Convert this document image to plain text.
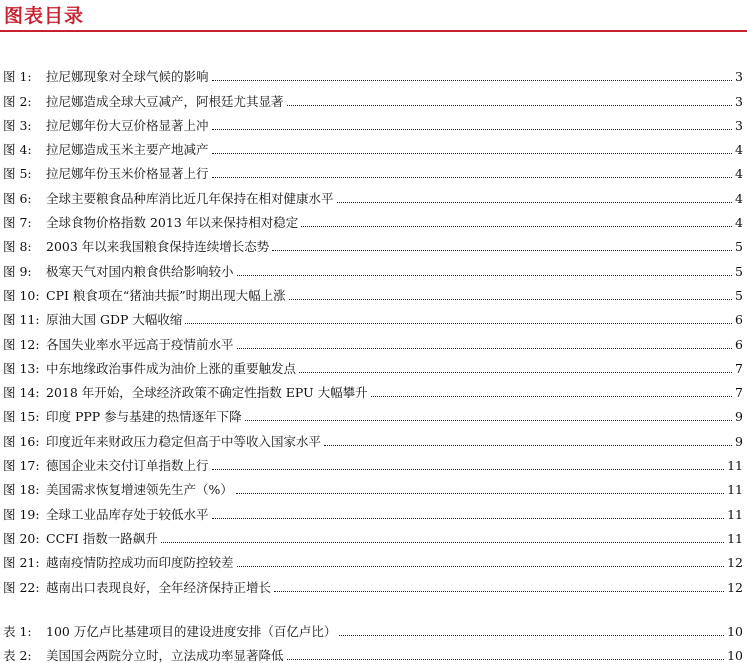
图表目录
图 1:	拉尼娜现象对全球气候的影响	3
图 2:	拉尼娜造成全球大豆减产，阿根廷尤其显著	3
图 3:	拉尼娜年份大豆价格显著上冲	3
图 4:	拉尼娜造成玉米主要产地减产	4
图 5:	拉尼娜年份玉米价格显著上行	4
图 6:	全球主要粮食品种库消比近几年保持在相对健康水平	4
图 7:	全球食物价格指数 2013 年以来保持相对稳定	4
图 8:	2003 年以来我国粮食保持连续增长态势	5
图 9:	极寒天气对国内粮食供给影响较小	5
图 10: CPI 粮食项在“猪油共振”时期出现大幅上涨	5
图 11: 原油大国 GDP 大幅收缩	6
图 12: 各国失业率水平远高于疫情前水平	6
图 13: 中东地缘政治事件成为油价上涨的重要触发点	7
图 14: 2018 年开始，全球经济政策不确定性指数 EPU 大幅攀升	7
图 15: 印度 PPP 参与基建的热情逐年下降	9
图 16: 印度近年来财政压力稳定但高于中等收入国家水平	9
图 17: 德国企业未交付订单指数上行	11
图 18: 美国需求恢复增速领先生产（%）	11
图 19: 全球工业品库存处于较低水平	11
图 20: CCFI 指数一路飙升	11
图 21: 越南疫情防控成功而印度防控较差	12
图 22: 越南出口表现良好，全年经济保持正增长	12
表 1:	100 万亿卢比基建项目的建设进度安排（百亿卢比）	10
表 2:	美国国会两院分立时，立法成功率显著降低	10
